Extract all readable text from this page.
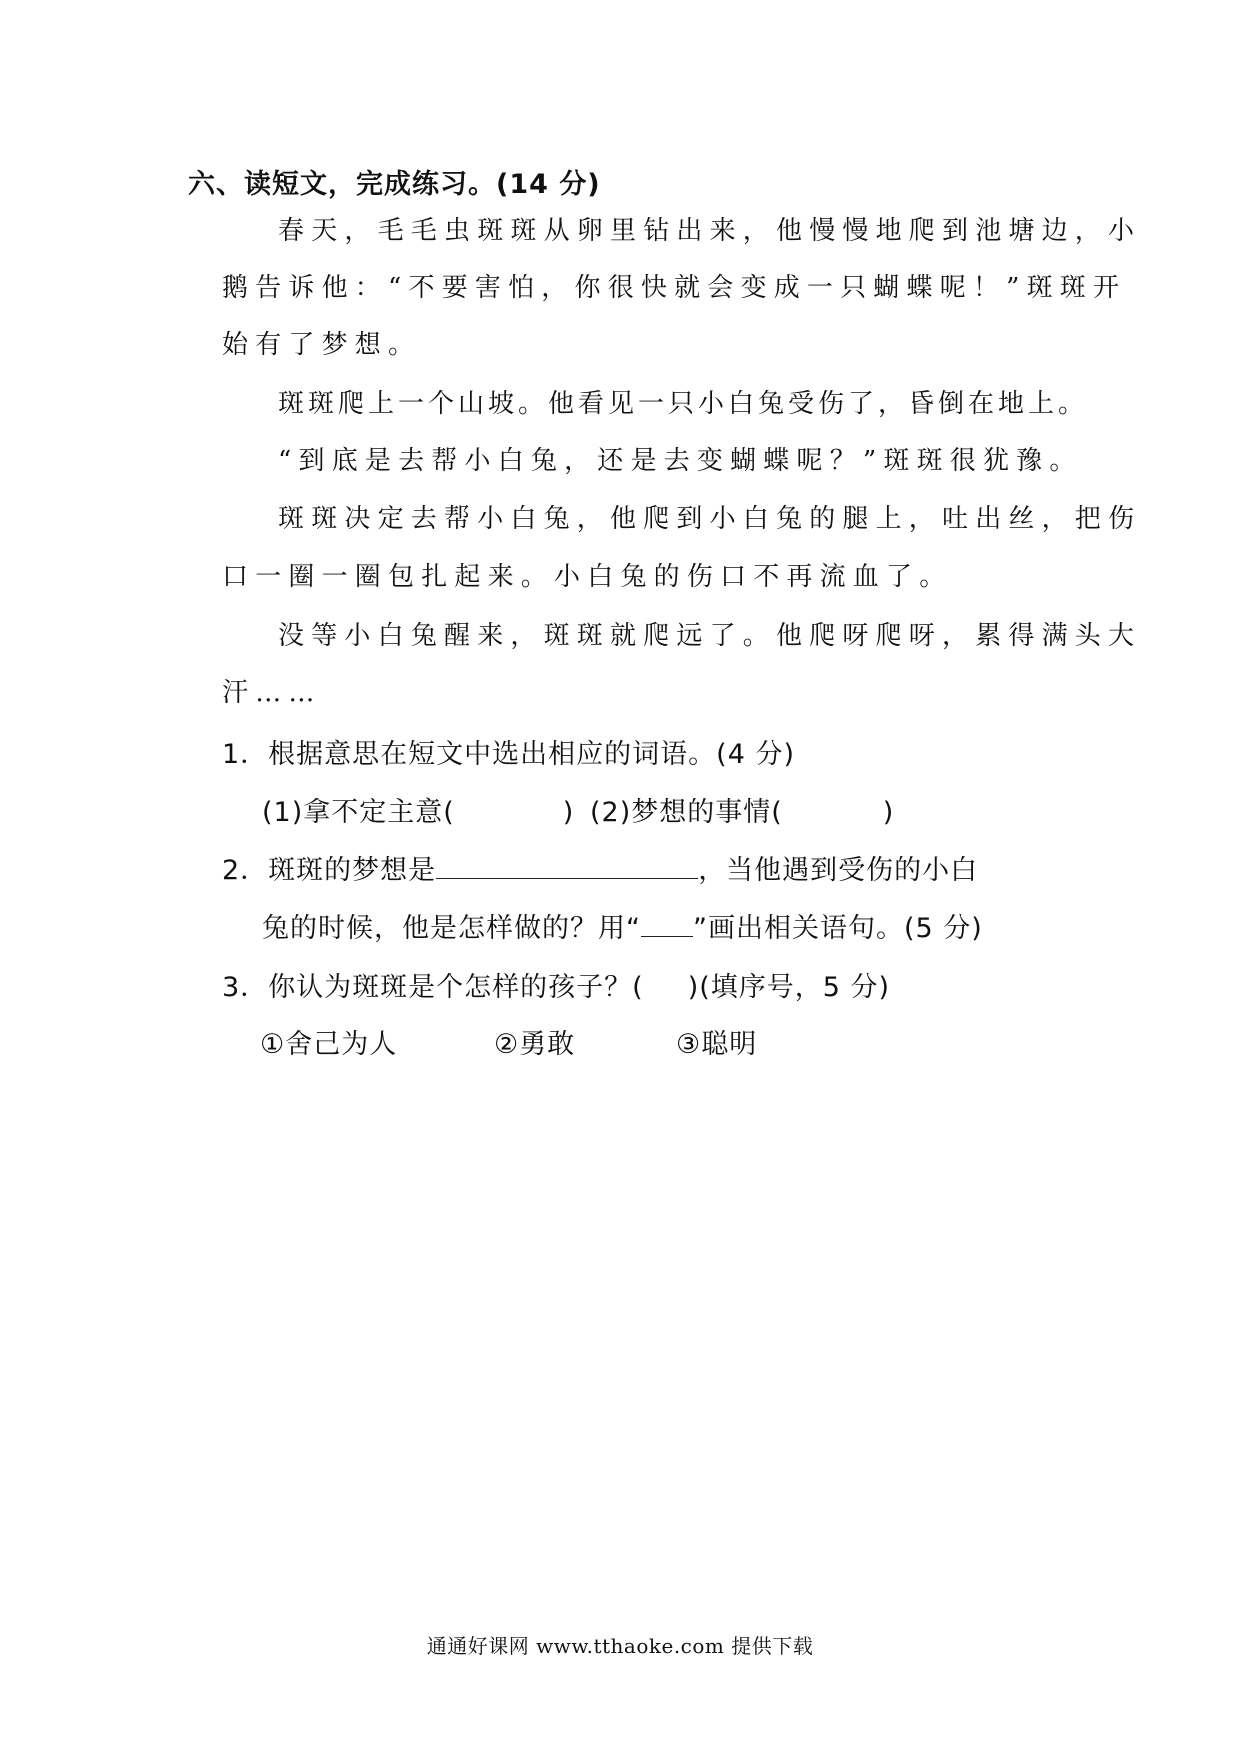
六、读短文，完成练习。(14 分)
春天，毛毛虫斑斑从卵里钻出来，他慢慢地爬到池塘边，小
鹅告诉他：“不要害怕，你很快就会变成一只蝴蝶呢！”斑斑开
始有了梦想。
斑斑爬上一个山坡。他看见一只小白兔受伤了，昏倒在地上。
“到底是去帮小白兔，还是去变蝴蝶呢？”斑斑很犹豫。
斑斑决定去帮小白兔，他爬到小白兔的腿上，吐出丝，把伤
口一圈一圈包扎起来。小白兔的伤口不再流血了。
没等小白兔醒来，斑斑就爬远了。他爬呀爬呀，累得满头大
汗……
1．根据意思在短文中选出相应的词语。(4 分)
(1)拿不定主意(	) (2)梦想的事情(	)
2．斑斑的梦想是	，当他遇到受伤的小白
兔的时候，他是怎样做的？用“ ”画出相关语句。(5 分)
3．你认为斑斑是个怎样的孩子？( )(填序号，5 分)
①舍己为人	②勇敢	③聪明
通通好课网 www.tthaoke.com 提供下载
